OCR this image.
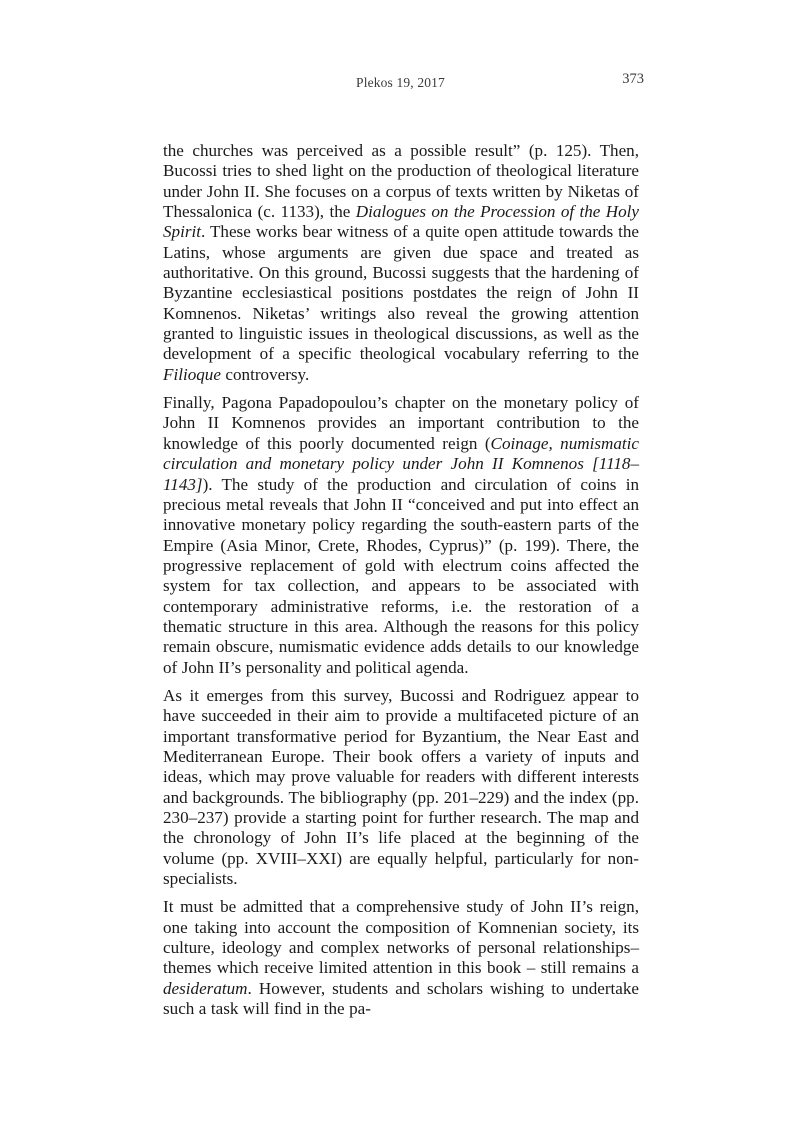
Plekos 19, 2017	373

the churches was perceived as a possible result” (p. 125). Then, Bucossi tries to shed light on the production of theological literature under John II. She focuses on a corpus of texts written by Niketas of Thessalonica (c. 1133), the Dialogues on the Procession of the Holy Spirit. These works bear witness of a quite open attitude towards the Latins, whose arguments are given due space and treated as authoritative. On this ground, Bucossi suggests that the hardening of Byzantine ecclesiastical positions postdates the reign of John II Komnenos. Niketas’ writings also reveal the growing attention granted to linguistic issues in theological discussions, as well as the development of a specific theological vocabulary referring to the Filioque controversy.

Finally, Pagona Papadopoulou’s chapter on the monetary policy of John II Komnenos provides an important contribution to the knowledge of this poorly documented reign (Coinage, numismatic circulation and monetary policy under John II Komnenos [1118–1143]). The study of the production and circulation of coins in precious metal reveals that John II “conceived and put into effect an innovative monetary policy regarding the south-eastern parts of the Empire (Asia Minor, Crete, Rhodes, Cyprus)” (p. 199). There, the progressive replacement of gold with electrum coins affected the system for tax collection, and appears to be associated with contemporary administrative reforms, i.e. the restoration of a thematic structure in this area. Although the reasons for this policy remain obscure, numismatic evidence adds details to our knowledge of John II’s personality and political agenda.

As it emerges from this survey, Bucossi and Rodriguez appear to have succeeded in their aim to provide a multifaceted picture of an important transformative period for Byzantium, the Near East and Mediterranean Europe. Their book offers a variety of inputs and ideas, which may prove valuable for readers with different interests and backgrounds. The bibliography (pp. 201–229) and the index (pp. 230–237) provide a starting point for further research. The map and the chronology of John II’s life placed at the beginning of the volume (pp. XVIII–XXI) are equally helpful, particularly for non-specialists.

It must be admitted that a comprehensive study of John II’s reign, one taking into account the composition of Komnenian society, its culture, ideology and complex networks of personal relationships– themes which receive limited attention in this book – still remains a desideratum. However, students and scholars wishing to undertake such a task will find in the pa-
